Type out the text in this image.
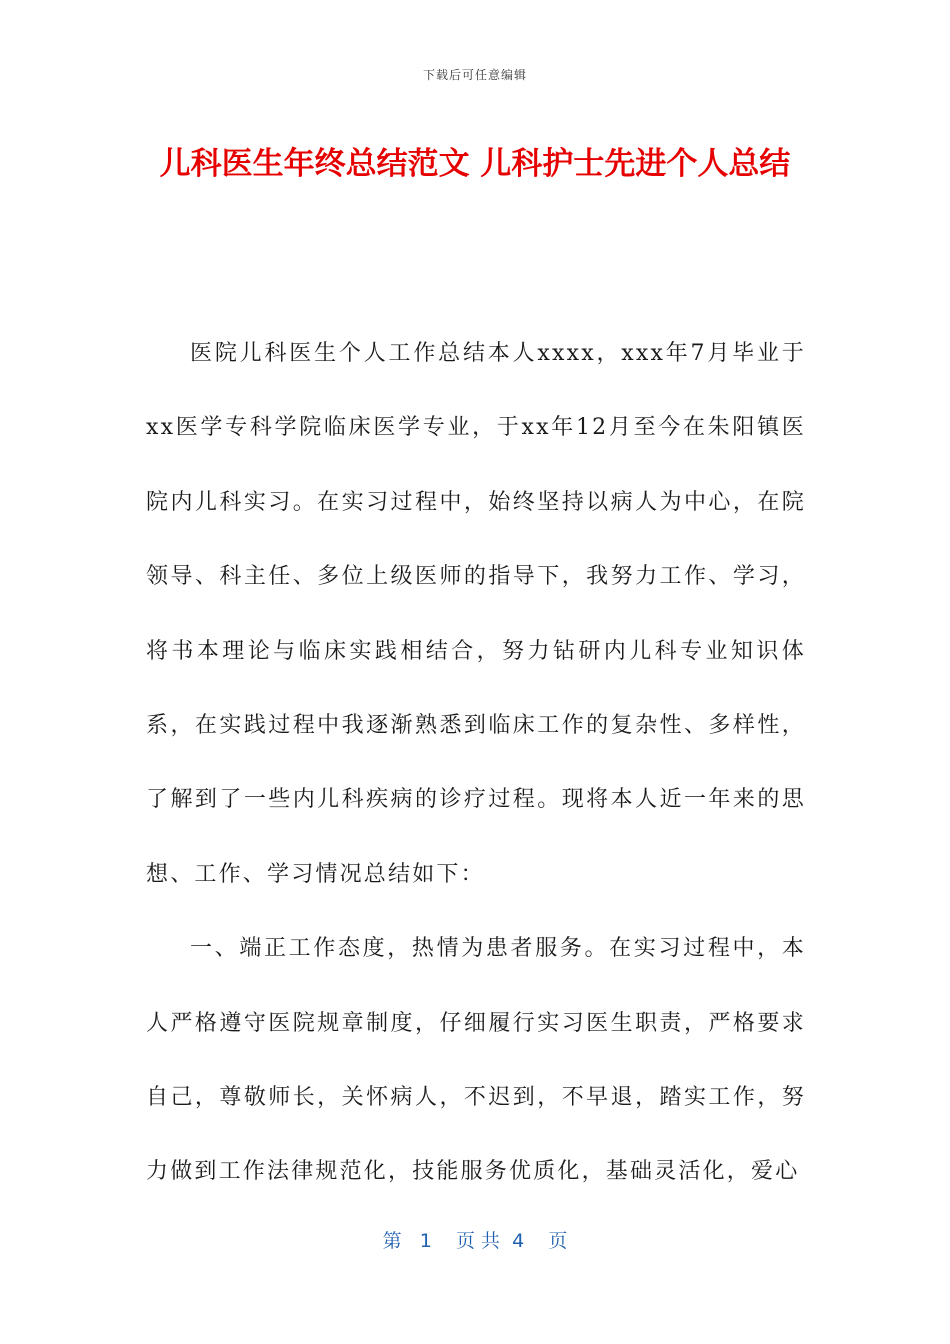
下载后可任意编辑
儿科医生年终总结范文 儿科护士先进个人总结

医院儿科医生个人工作总结本人xxxx，xxx年7月毕业于xx医学专科学院临床医学专业，于xx年12月至今在朱阳镇医院内儿科实习。在实习过程中，始终坚持以病人为中心，在院领导、科主任、多位上级医师的指导下，我努力工作、学习，将书本理论与临床实践相结合，努力钻研内儿科专业知识体系，在实践过程中我逐渐熟悉到临床工作的复杂性、多样性，了解到了一些内儿科疾病的诊疗过程。现将本人近一年来的思想、工作、学习情况总结如下：

一、端正工作态度，热情为患者服务。在实习过程中，本人严格遵守医院规章制度，仔细履行实习医生职责，严格要求自己，尊敬师长，关怀病人，不迟到，不早退，踏实工作，努力做到工作法律规范化，技能服务优质化，基础灵活化，爱心

第   1    页 共  4    页
